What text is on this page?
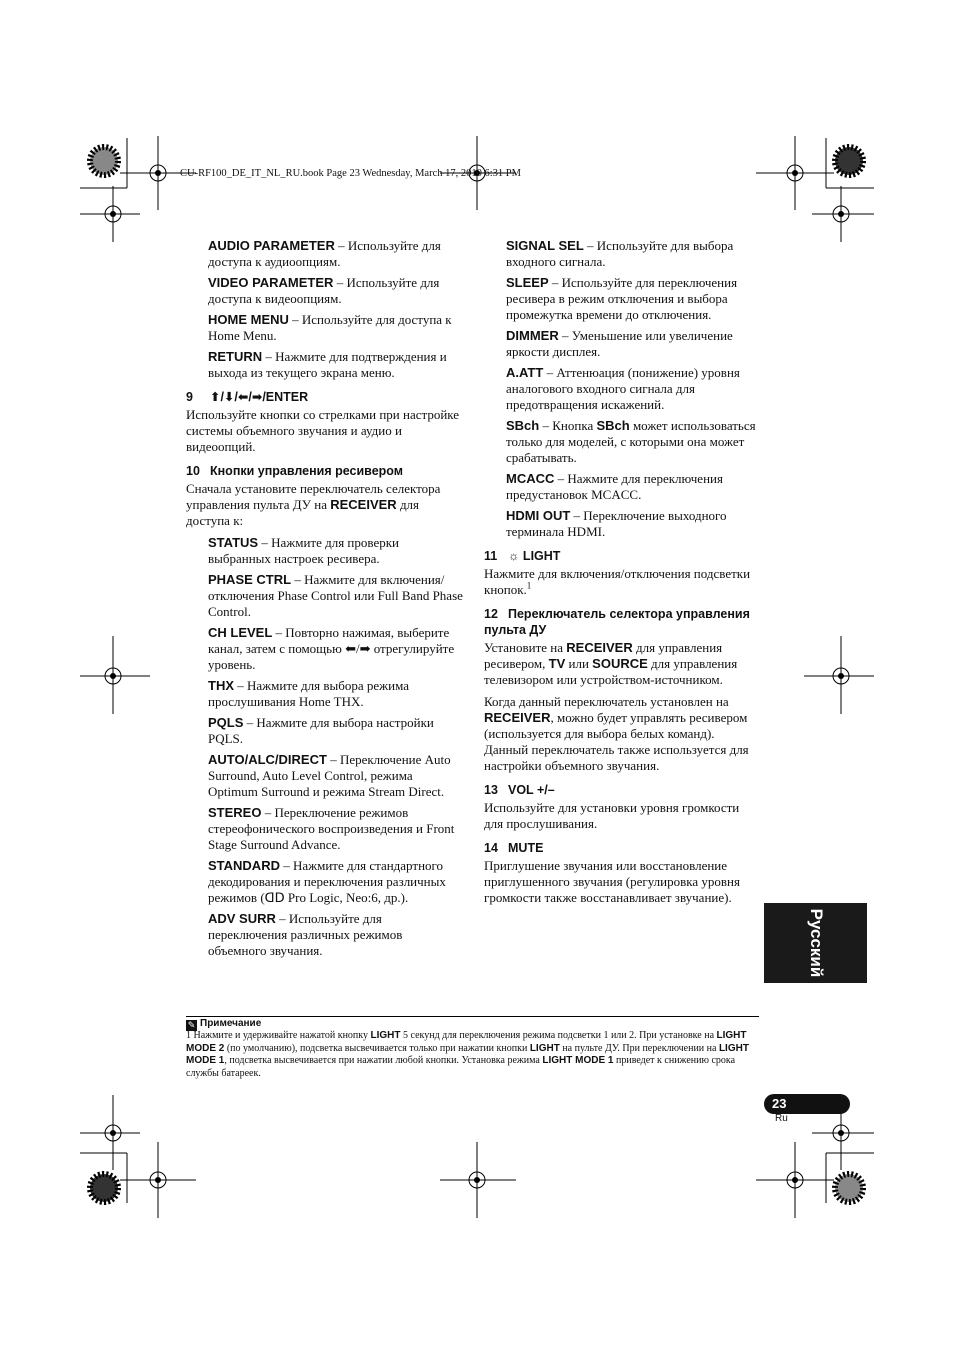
CU-RF100_DE_IT_NL_RU.book Page 23 Wednesday, March 17, 2010 6:31 PM
AUDIO PARAMETER – Используйте для доступа к аудиоопциям.
VIDEO PARAMETER – Используйте для доступа к видеоопциям.
HOME MENU – Используйте для доступа к Home Menu.
RETURN – Нажмите для подтверждения и выхода из текущего экрана меню.
9 ⬆/⬇/⬅/➡/ENTER
Используйте кнопки со стрелками при настройке системы объемного звучания и аудио и видеоопций.
10 Кнопки управления ресивером
Сначала установите переключатель селектора управления пульта ДУ на RECEIVER для доступа к:
STATUS – Нажмите для проверки выбранных настроек ресивера.
PHASE CTRL – Нажмите для включения/отключения Phase Control или Full Band Phase Control.
CH LEVEL – Повторно нажимая, выберите канал, затем с помощью ⬅/➡ отрегулируйте уровень.
THX – Нажмите для выбора режима прослушивания Home THX.
PQLS – Нажмите для выбора настройки PQLS.
AUTO/ALC/DIRECT – Переключение Auto Surround, Auto Level Control, режима Optimum Surround и режима Stream Direct.
STEREO – Переключение режимов стереофонического воспроизведения и Front Stage Surround Advance.
STANDARD – Нажмите для стандартного декодирования и переключения различных режимов (ᗡᗞ Pro Logic, Neo:6, др.).
ADV SURR – Используйте для переключения различных режимов объемного звучания.
SIGNAL SEL – Используйте для выбора входного сигнала.
SLEEP – Используйте для переключения ресивера в режим отключения и выбора промежутка времени до отключения.
DIMMER – Уменьшение или увеличение яркости дисплея.
A.ATT – Аттенюация (понижение) уровня аналогового входного сигнала для предотвращения искажений.
SBch – Кнопка SBch может использоваться только для моделей, с которыми она может срабатывать.
MCACC – Нажмите для переключения предустановок MCACC.
HDMI OUT – Переключение выходного терминала HDMI.
11 ☼ LIGHT
Нажмите для включения/отключения подсветки кнопок.$^1$
12 Переключатель селектора управления пульта ДУ
Установите на RECEIVER для управления ресивером, TV или SOURCE для управления телевизором или устройством-источником.
Когда данный переключатель установлен на RECEIVER, можно будет управлять ресивером (используется для выбора белых команд). Данный переключатель также используется для настройки объемного звучания.
13 VOL +/–
Используйте для установки уровня громкости для прослушивания.
14 MUTE
Приглушение звучания или восстановление приглушенного звучания (регулировка уровня громкости также восстанавливает звучание).
Русский
✎ Примечание
1 Нажмите и удерживайте нажатой кнопку LIGHT 5 секунд для переключения режима подсветки 1 или 2. При установке на LIGHT MODE 2 (по умолчанию), подсветка высвечивается только при нажатии кнопки LIGHT на пульте ДУ. При переключении на LIGHT MODE 1, подсветка высвечивается при нажатии любой кнопки. Установка режима LIGHT MODE 1 приведет к снижению срока службы батареек.
23
Ru
